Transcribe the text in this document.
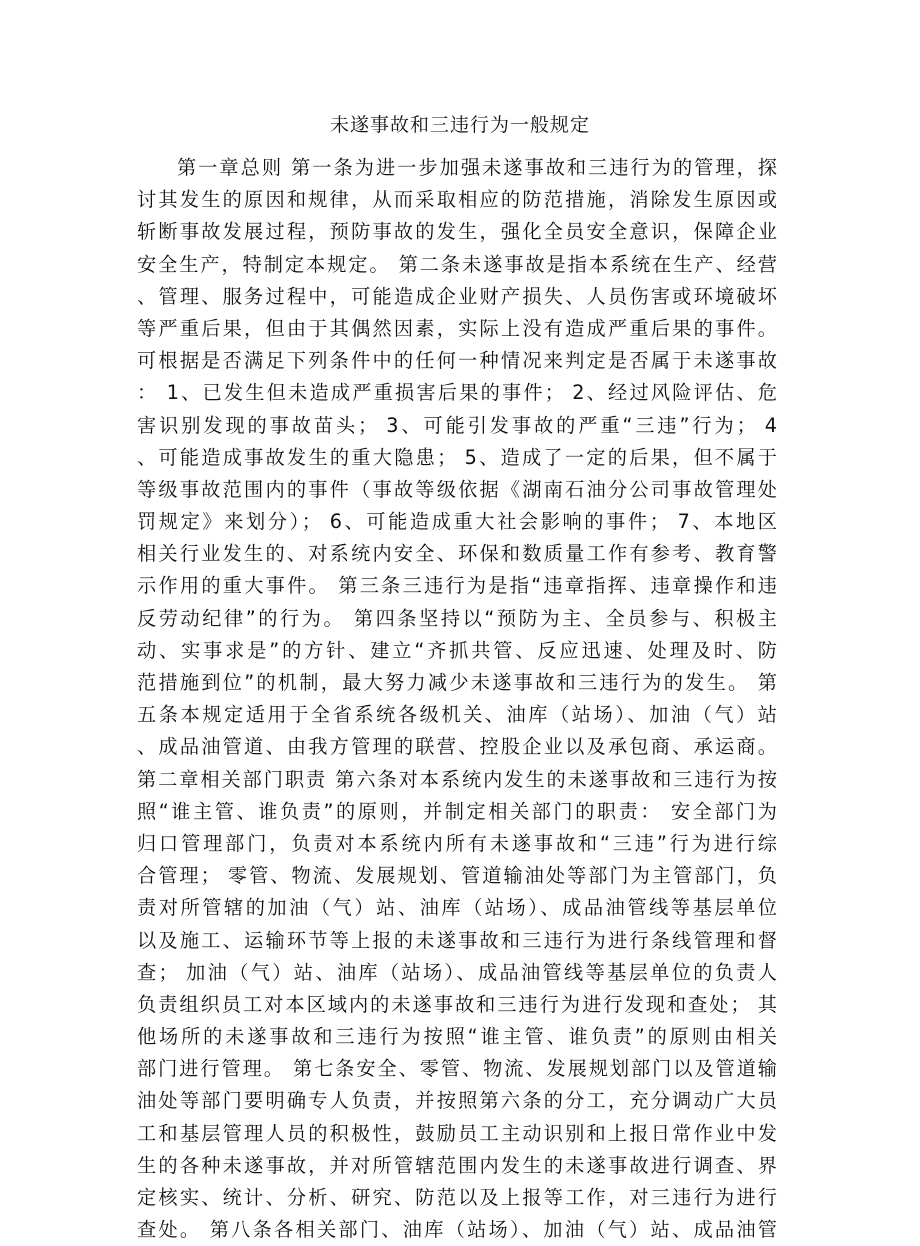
未遂事故和三违行为一般规定
第一章总则 第一条为进一步加强未遂事故和三违行为的管理，探
讨其发生的原因和规律，从而采取相应的防范措施，消除发生原因或
斩断事故发展过程，预防事故的发生，强化全员安全意识，保障企业
安全生产，特制定本规定。 第二条未遂事故是指本系统在生产、经营
、管理、服务过程中，可能造成企业财产损失、人员伤害或环境破坏
等严重后果，但由于其偶然因素，实际上没有造成严重后果的事件。
可根据是否满足下列条件中的任何一种情况来判定是否属于未遂事故
： 1、已发生但未造成严重损害后果的事件； 2、经过风险评估、危
害识别发现的事故苗头； 3、可能引发事故的严重“三违”行为； 4
、可能造成事故发生的重大隐患； 5、造成了一定的后果，但不属于
等级事故范围内的事件（事故等级依据《湖南石油分公司事故管理处
罚规定》来划分）； 6、可能造成重大社会影响的事件； 7、本地区
相关行业发生的、对系统内安全、环保和数质量工作有参考、教育警
示作用的重大事件。 第三条三违行为是指“违章指挥、违章操作和违
反劳动纪律”的行为。 第四条坚持以“预防为主、全员参与、积极主
动、实事求是”的方针、建立“齐抓共管、反应迅速、处理及时、防
范措施到位”的机制，最大努力减少未遂事故和三违行为的发生。 第
五条本规定适用于全省系统各级机关、油库（站场）、加油（气）站
、成品油管道、由我方管理的联营、控股企业以及承包商、承运商。
第二章相关部门职责 第六条对本系统内发生的未遂事故和三违行为按
照“谁主管、谁负责”的原则，并制定相关部门的职责： 安全部门为
归口管理部门，负责对本系统内所有未遂事故和“三违”行为进行综
合管理； 零管、物流、发展规划、管道输油处等部门为主管部门，负
责对所管辖的加油（气）站、油库（站场）、成品油管线等基层单位
以及施工、运输环节等上报的未遂事故和三违行为进行条线管理和督
查； 加油（气）站、油库（站场）、成品油管线等基层单位的负责人
负责组织员工对本区域内的未遂事故和三违行为进行发现和查处； 其
他场所的未遂事故和三违行为按照“谁主管、谁负责”的原则由相关
部门进行管理。 第七条安全、零管、物流、发展规划部门以及管道输
油处等部门要明确专人负责，并按照第六条的分工，充分调动广大员
工和基层管理人员的积极性，鼓励员工主动识别和上报日常作业中发
生的各种未遂事故，并对所管辖范围内发生的未遂事故进行调查、界
定核实、统计、分析、研究、防范以及上报等工作，对三违行为进行
查处。 第八条各相关部门、油库（站场）、加油（气）站、成品油管
